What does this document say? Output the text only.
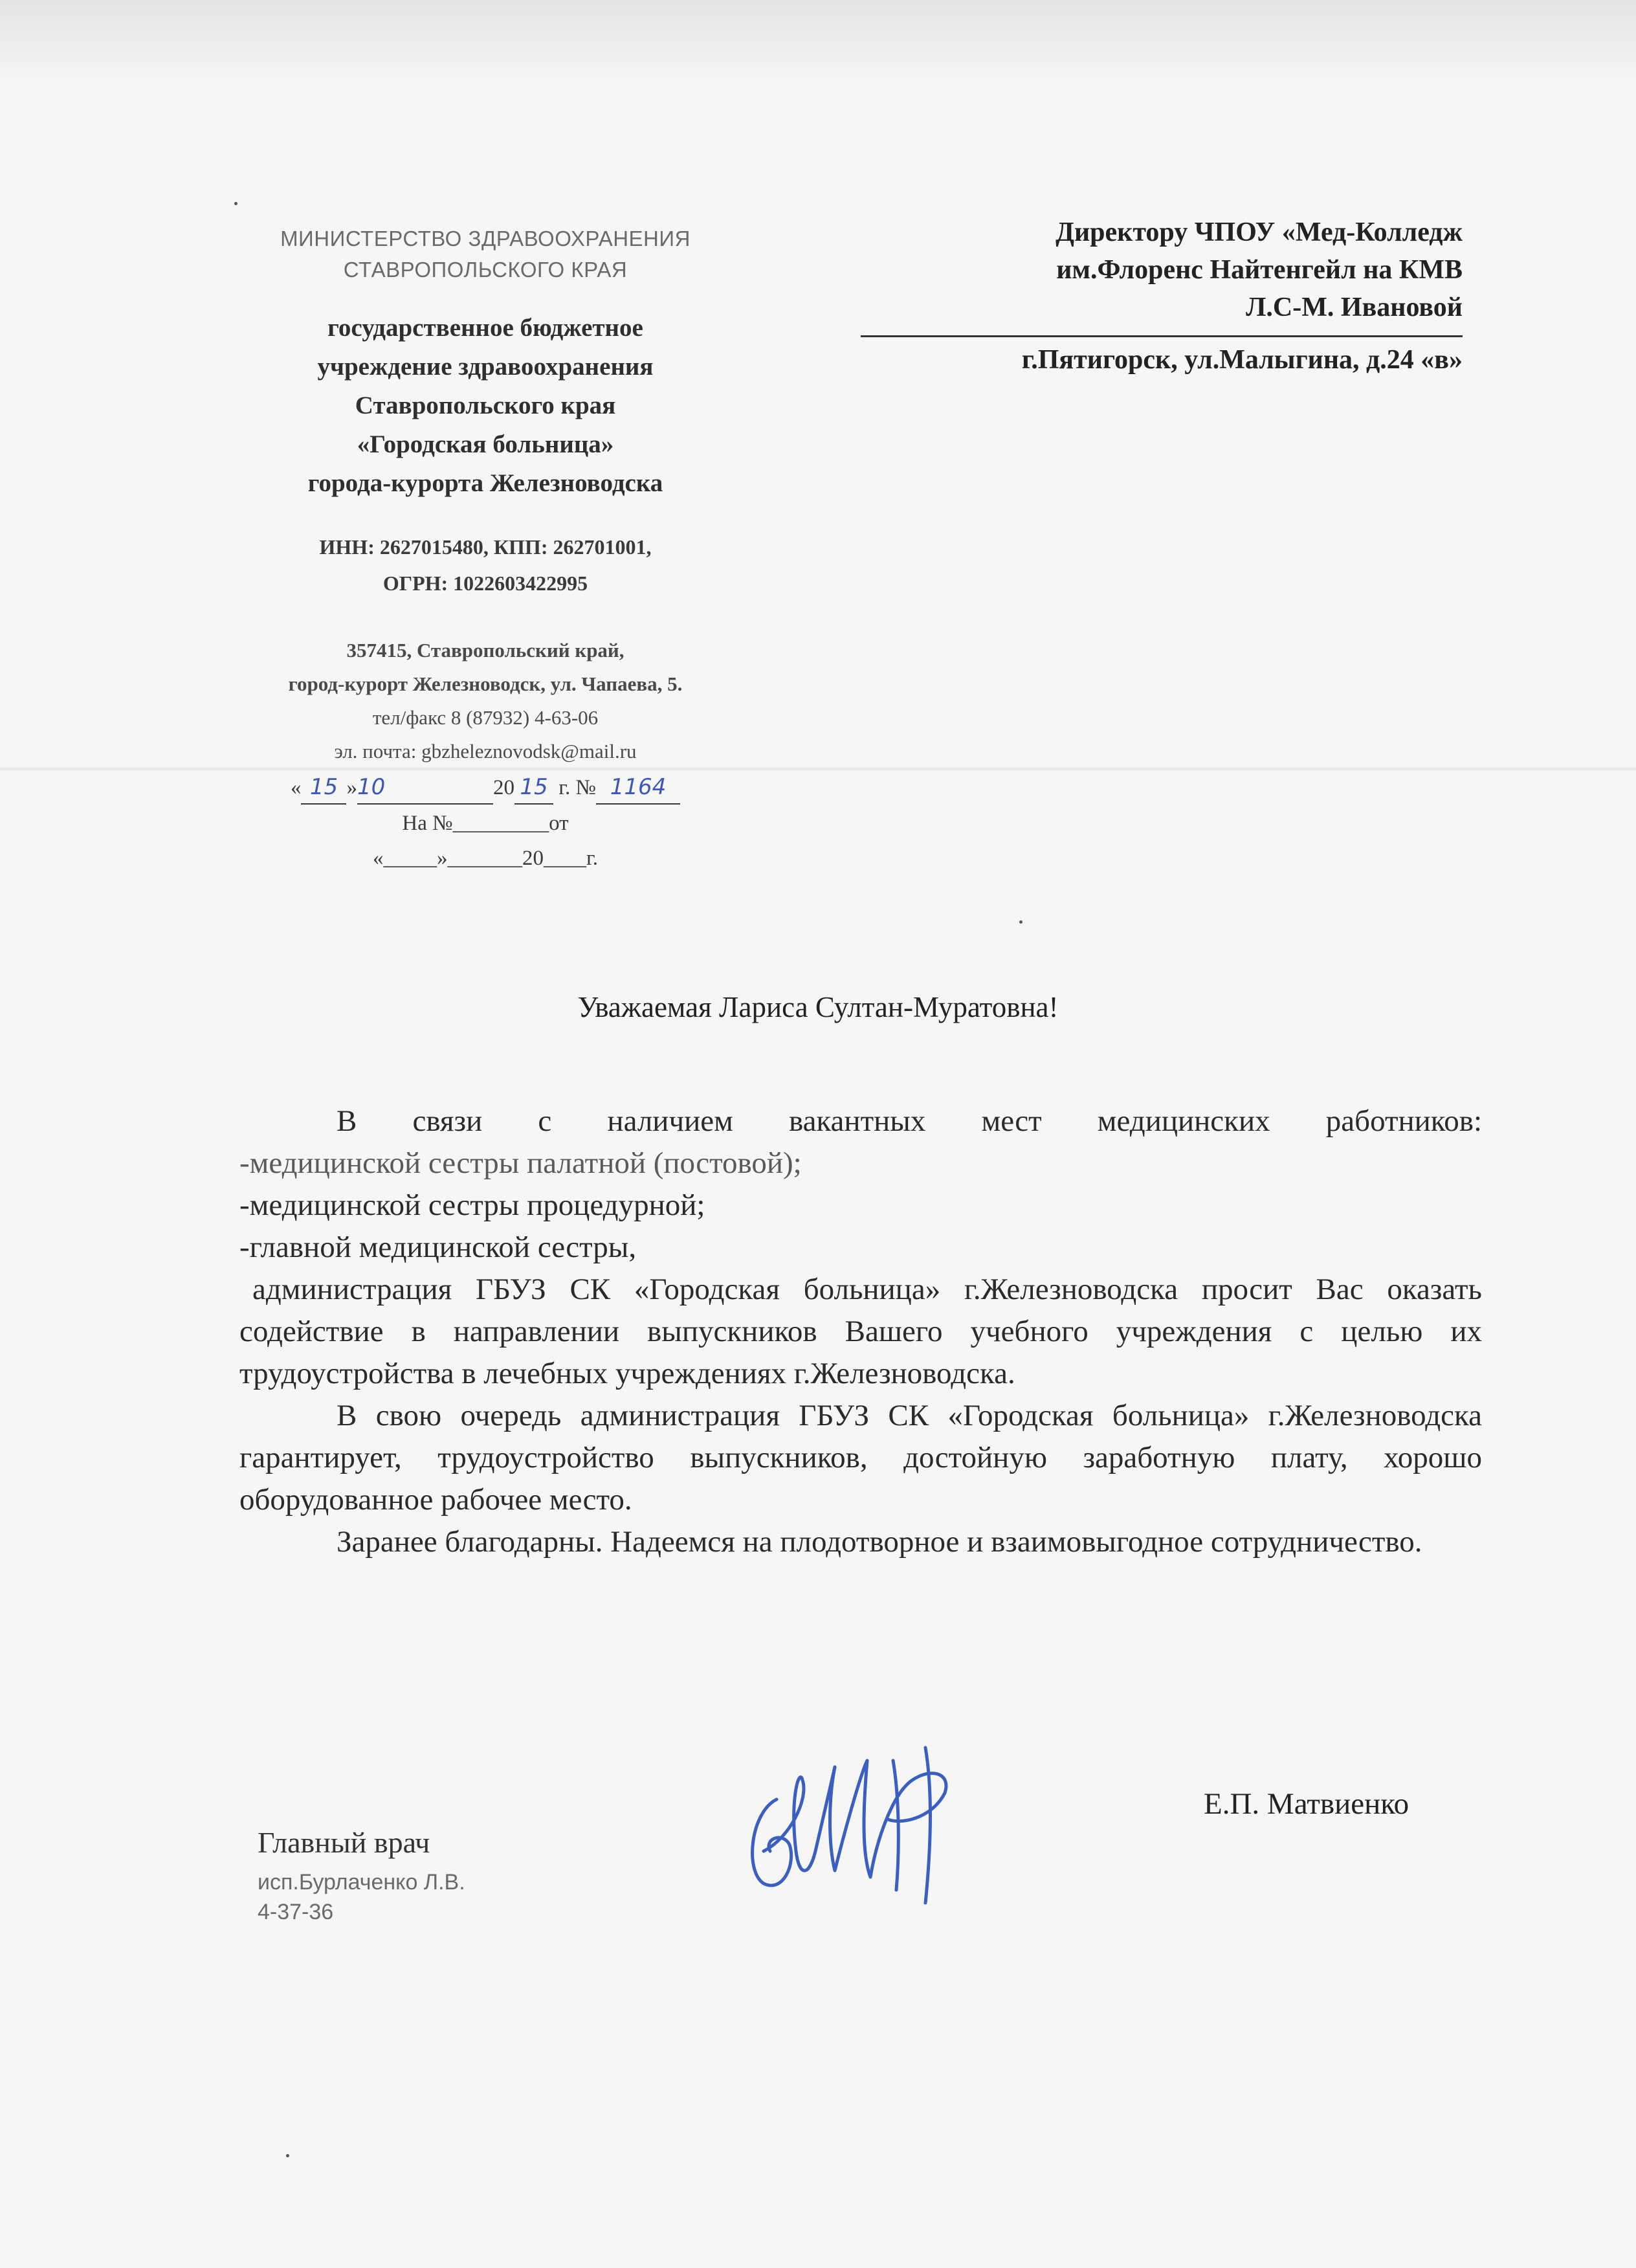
МИНИСТЕРСТВО ЗДРАВООХРАНЕНИЯ
СТАВРОПОЛЬСКОГО КРАЯ
государственное бюджетное
учреждение здравоохранения
Ставропольского края
«Городская больница»
города-курорта Железноводска
ИНН: 2627015480, КПП: 262701001,
ОГРН: 1022603422995
357415, Ставропольский край,
город-курорт Железноводск, ул. Чапаева, 5.
тел/факс 8 (87932) 4-63-06
эл. почта: gbzheleznovodsk@mail.ru
« 15 »10	20 15 г. № 1164
На №_________от
«_____»_______20____г.
Директору ЧПОУ «Мед-Колледж
им.Флоренс Найтенгейл на КМВ
Л.С-М. Ивановой
г.Пятигорск, ул.Малыгина, д.24 «в»
Уважаемая Лариса Султан-Муратовна!

В связи с наличием вакантных мест медицинских работников:

-медицинской сестры палатной (постовой);

-медицинской сестры процедурной;

-главной медицинской сестры,

администрация ГБУЗ СК «Городская больница» г.Железноводска просит Вас оказать содействие в направлении выпускников Вашего учебного учреждения с целью их трудоустройства в лечебных учреждениях г.Железноводска.

В свою очередь администрация ГБУЗ СК «Городская больница» г.Железноводска гарантирует, трудоустройство выпускников, достойную заработную плату, хорошо оборудованное рабочее место.

Заранее благодарны. Надеемся на плодотворное и взаимовыгодное сотрудничество.

Главный врач
Е.П. Матвиенко
исп.Бурлаченко Л.В.
4-37-36
